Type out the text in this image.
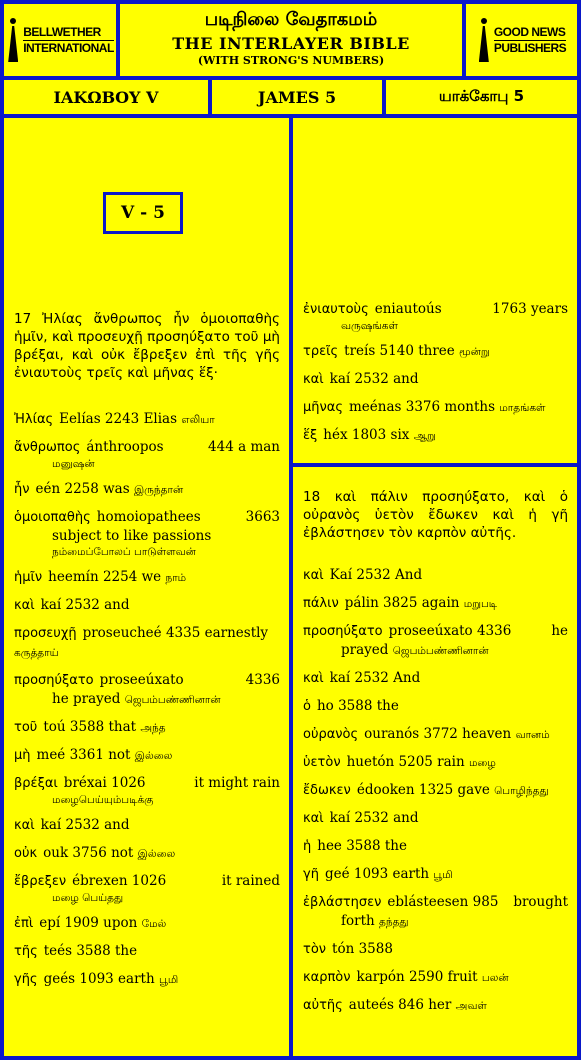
BELLWETHER
INTERNATIONAL
படிநிலை வேதாகமம்
THE INTERLAYER BIBLE
(WITH STRONG'S NUMBERS)
GOOD NEWS
PUBLISHERS
ΙΑΚΩΒΟΥ V	JAMES 5	யாக்கோபு 5
V - 5
17 Ἠλίας ἄνθρωπος ἦν ὁμοιοπαθὴς ἡμῖν, καὶ προσευχῇ προσηύξατο τοῦ μὴ βρέξαι, καὶ οὐκ ἔβρεξεν ἐπὶ τῆς γῆς ἐνιαυτοὺς τρεῖς καὶ μῆνας ἕξ·
Ἠλίας Eelías 2243 Elias எலியா
ἄνθρωπος ánthroopos	444 a man
மனுஷன்
ἦν eén 2258 was இருந்தான்
ὁμοιοπαθὴς homoiopathees	3663
subject to like passions
நம்மைப்போலப் பாடுள்ளவன்
ἡμῖν heemín 2254 we நாம்
καὶ kaí 2532 and
προσευχῇ proseucheé 4335 earnestly கருத்தாய்
προσηύξατο proseeúxato	4336
he prayed ஜெபம்பண்ணினான்
τοῦ toú 3588 that அந்த
μὴ meé 3361 not இல்லை
βρέξαι bréxai 1026	it might rain
மழைபெய்யும்படிக்கு
καὶ kaí 2532 and
οὐκ ouk 3756 not இல்லை
ἔβρεξεν ébrexen 1026	it rained
மழை பெய்தது
ἐπὶ epí 1909 upon மேல்
τῆς teés 3588 the
γῆς geés 1093 earth பூமி
ἐνιαυτοὺς eniautoús	1763 years
வருஷங்கள்
τρεῖς treís 5140 three மூன்று
καὶ kaí 2532 and
μῆνας meénas 3376 months மாதங்கள்
ἕξ héx 1803 six ஆறு
18 καὶ πάλιν προσηύξατο, καὶ ὁ οὐρανὸς ὑετὸν ἔδωκεν καὶ ἡ γῆ ἐβλάστησεν τὸν καρπὸν αὐτῆς.
καὶ Kaí 2532 And
πάλιν pálin 3825 again மறுபடி
προσηύξατο proseeúxato 4336	he
prayed ஜெபம்பண்ணினான்
καὶ kaí 2532 And
ὁ ho 3588 the
οὐρανὸς ouranós 3772 heaven வானம்
ὑετὸν huetón 5205 rain மழை
ἔδωκεν édooken 1325 gave பொழிந்தது
καὶ kaí 2532 and
ἡ hee 3588 the
γῆ geé 1093 earth பூமி
ἐβλάστησεν eblásteesen 985 brought
forth தந்தது
τὸν tón 3588
καρπὸν karpón 2590 fruit பலன்
αὐτῆς auteés 846 her அவள்
